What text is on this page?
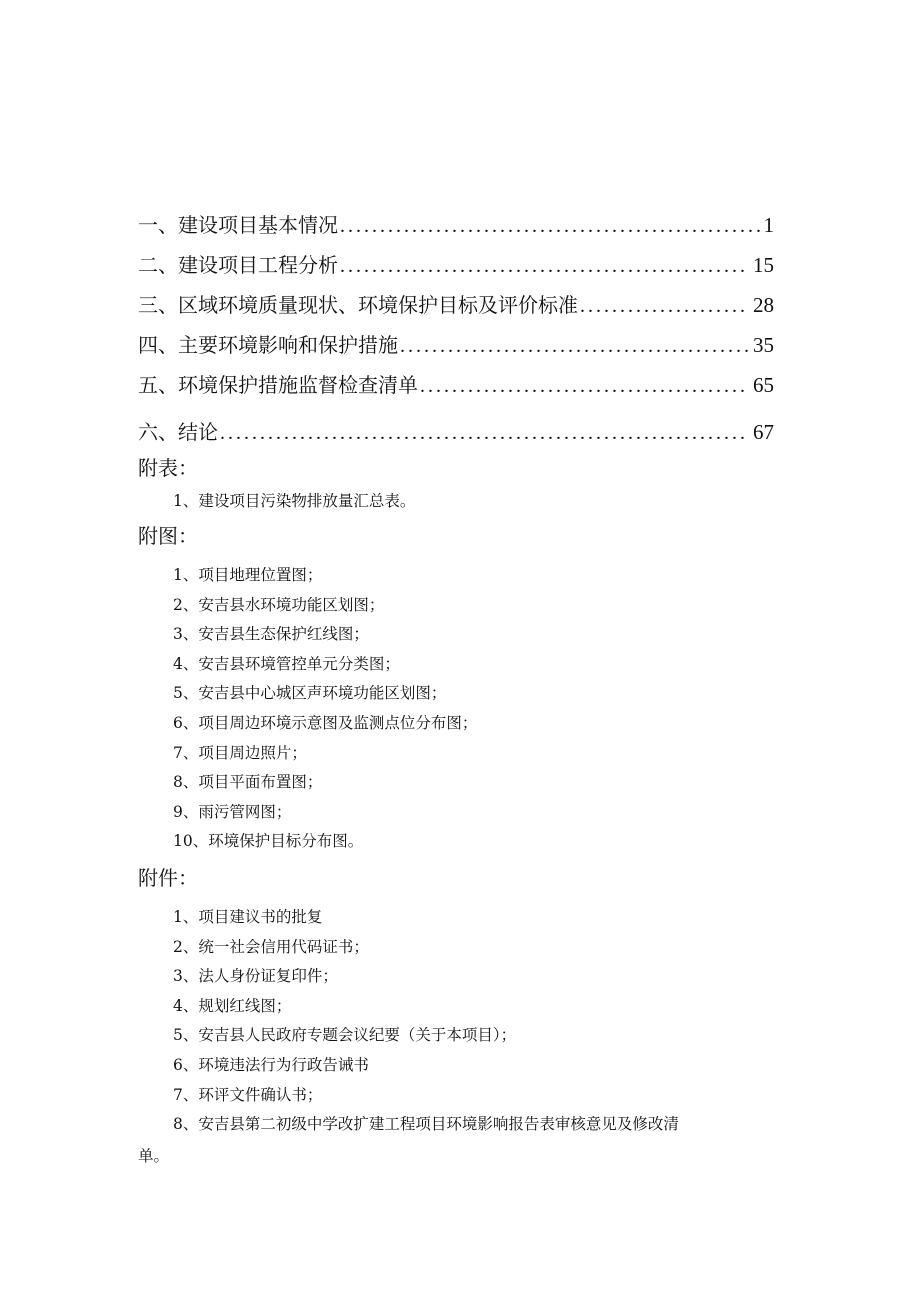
一、建设项目基本情况 .....	1
二、建设项目工程分析 .....	15
三、区域环境质量现状、环境保护目标及评价标准 .....	28
四、主要环境影响和保护措施 .....	35
五、环境保护措施监督检查清单 .....	65
六、结论 .....	67
附表：
1、建设项目污染物排放量汇总表。
附图：
1、项目地理位置图；
2、安吉县水环境功能区划图；
3、安吉县生态保护红线图；
4、安吉县环境管控单元分类图；
5、安吉县中心城区声环境功能区划图；
6、项目周边环境示意图及监测点位分布图；
7、项目周边照片；
8、项目平面布置图；
9、雨污管网图；
10、环境保护目标分布图。
附件：
1、项目建议书的批复
2、统一社会信用代码证书；
3、法人身份证复印件；
4、规划红线图；
5、安吉县人民政府专题会议纪要（关于本项目）；
6、环境违法行为行政告诫书
7、环评文件确认书；
8、安吉县第二初级中学改扩建工程项目环境影响报告表审核意见及修改清
单。
